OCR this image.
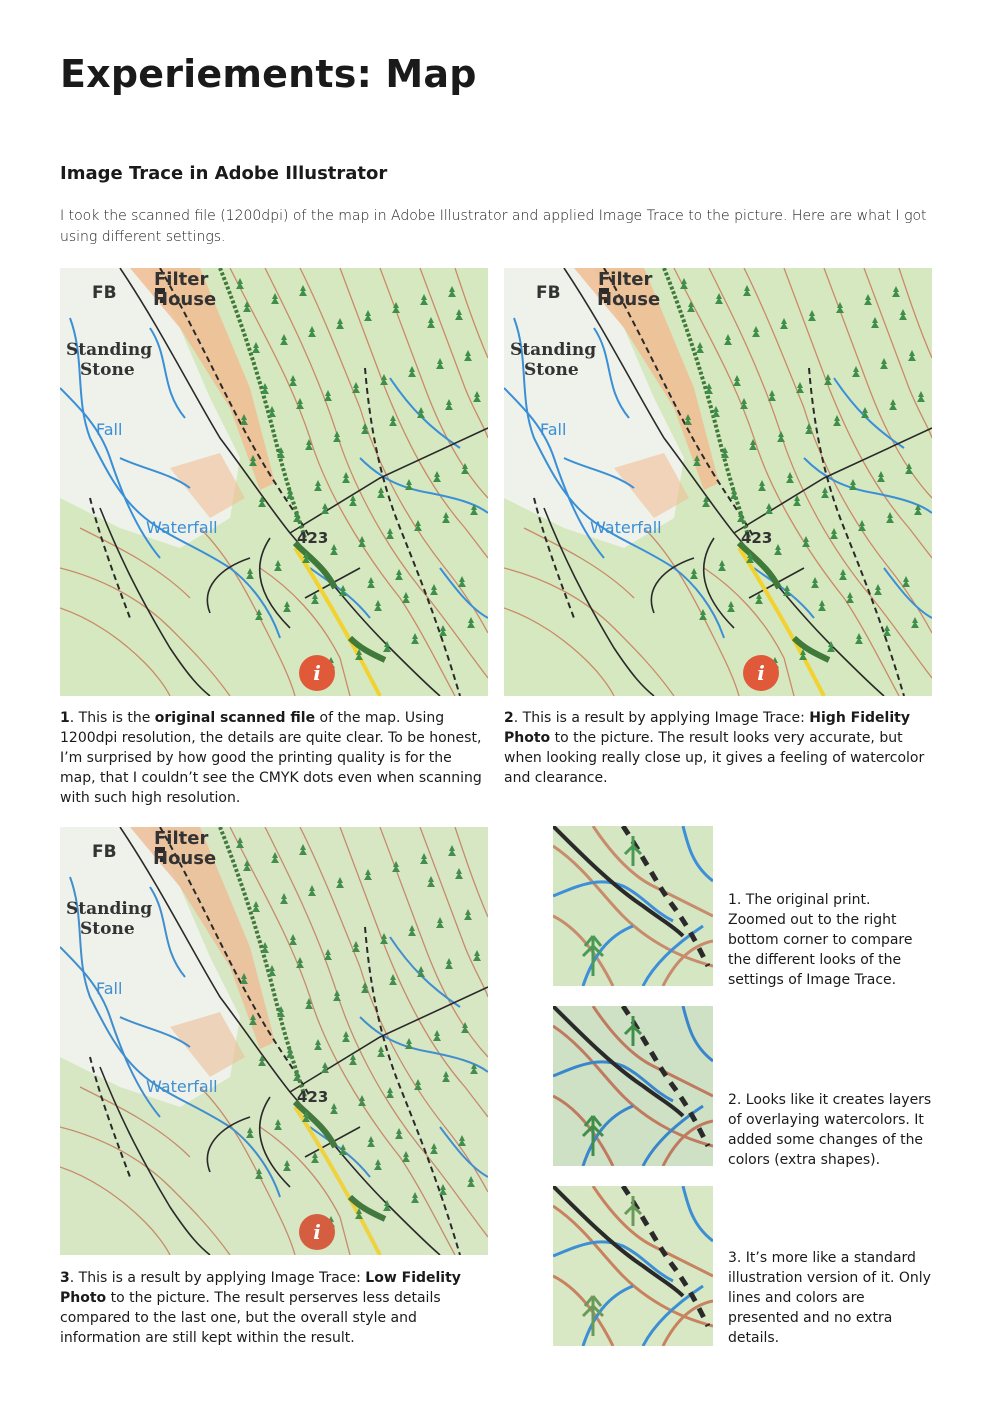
Experiements: Map
Image Trace in Adobe Illustrator
I took the scanned file (1200dpi) of the map in Adobe Illustrator and applied Image Trace to the picture. Here are what I got using different settings.
i
FB
Filter
House
Standing
Stone
423
Fall
Waterfall
i
FB
Filter
House
Standing
Stone
423
Fall
Waterfall
i
FB
Filter
House
Standing
Stone
423
Fall
Waterfall
1. This is the original scanned file of the map. Using 1200dpi resolution, the details are quite clear. To be honest, I’m surprised by how good the printing quality is for the map, that I couldn’t see the CMYK dots even when scanning with such high resolution.
2. This is a result by applying Image Trace: High Fidelity Photo to the picture. The result looks very accurate, but when looking really close up, it gives a feeling of watercolor and clearance.
3. This is a result by applying Image Trace: Low Fidelity Photo to the picture. The result perserves less details compared to the last one, but the overall style and information are still kept within the result.

1. The original print.
Zoomed out to the right bottom corner to compare the different looks of the settings of Image Trace.

2. Looks like it creates layers of overlaying watercolors. It added some changes of the colors (extra shapes).

3. It’s more like a standard illustration version of it. Only lines and colors are presented and no extra details.
